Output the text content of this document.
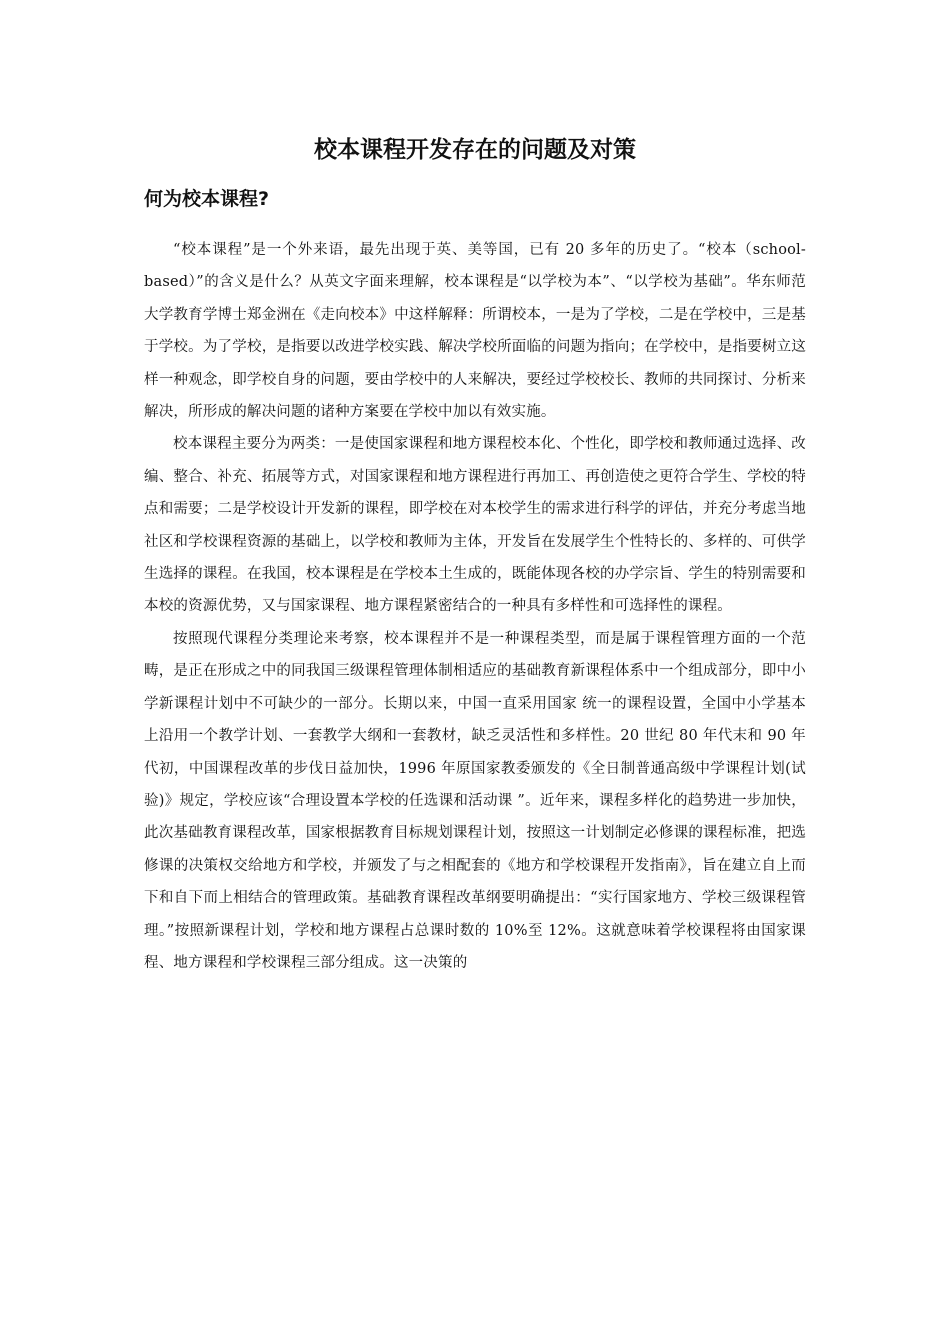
校本课程开发存在的问题及对策
何为校本课程?

“校本课程”是一个外来语，最先出现于英、美等国，已有 20 多年的历史了。“校本（school-based）”的含义是什么？从英文字面来理解，校本课程是“以学校为本”、“以学校为基础”。华东师范大学教育学博士郑金洲在《走向校本》中这样解释：所谓校本，一是为了学校，二是在学校中，三是基于学校。为了学校，是指要以改进学校实践、解决学校所面临的问题为指向；在学校中，是指要树立这样一种观念，即学校自身的问题，要由学校中的人来解决，要经过学校校长、教师的共同探讨、分析来解决，所形成的解决问题的诸种方案要在学校中加以有效实施。

校本课程主要分为两类：一是使国家课程和地方课程校本化、个性化，即学校和教师通过选择、改编、整合、补充、拓展等方式，对国家课程和地方课程进行再加工、再创造使之更符合学生、学校的特点和需要；二是学校设计开发新的课程，即学校在对本校学生的需求进行科学的评估，并充分考虑当地社区和学校课程资源的基础上，以学校和教师为主体，开发旨在发展学生个性特长的、多样的、可供学生选择的课程。在我国，校本课程是在学校本土生成的，既能体现各校的办学宗旨、学生的特别需要和本校的资源优势，又与国家课程、地方课程紧密结合的一种具有多样性和可选择性的课程。

按照现代课程分类理论来考察，校本课程并不是一种课程类型，而是属于课程管理方面的一个范畴，是正在形成之中的同我国三级课程管理体制相适应的基础教育新课程体系中一个组成部分，即中小学新课程计划中不可缺少的一部分。长期以来，中国一直采用国家 统一的课程设置，全国中小学基本上沿用一个教学计划、一套教学大纲和一套教材，缺乏灵活性和多样性。20 世纪 80 年代末和 90 年代初，中国课程改革的步伐日益加快，1996 年原国家教委颁发的《全日制普通高级中学课程计划(试验)》规定，学校应该“合理设置本学校的任选课和活动课 ”。近年来，课程多样化的趋势进一步加快，此次基础教育课程改革，国家根据教育目标规划课程计划，按照这一计划制定必修课的课程标准，把选修课的决策权交给地方和学校，并颁发了与之相配套的《地方和学校课程开发指南》，旨在建立自上而下和自下而上相结合的管理政策。基础教育课程改革纲要明确提出：“实行国家地方、学校三级课程管理。”按照新课程计划，学校和地方课程占总课时数的 10%至 12%。这就意味着学校课程将由国家课程、地方课程和学校课程三部分组成。这一决策的
